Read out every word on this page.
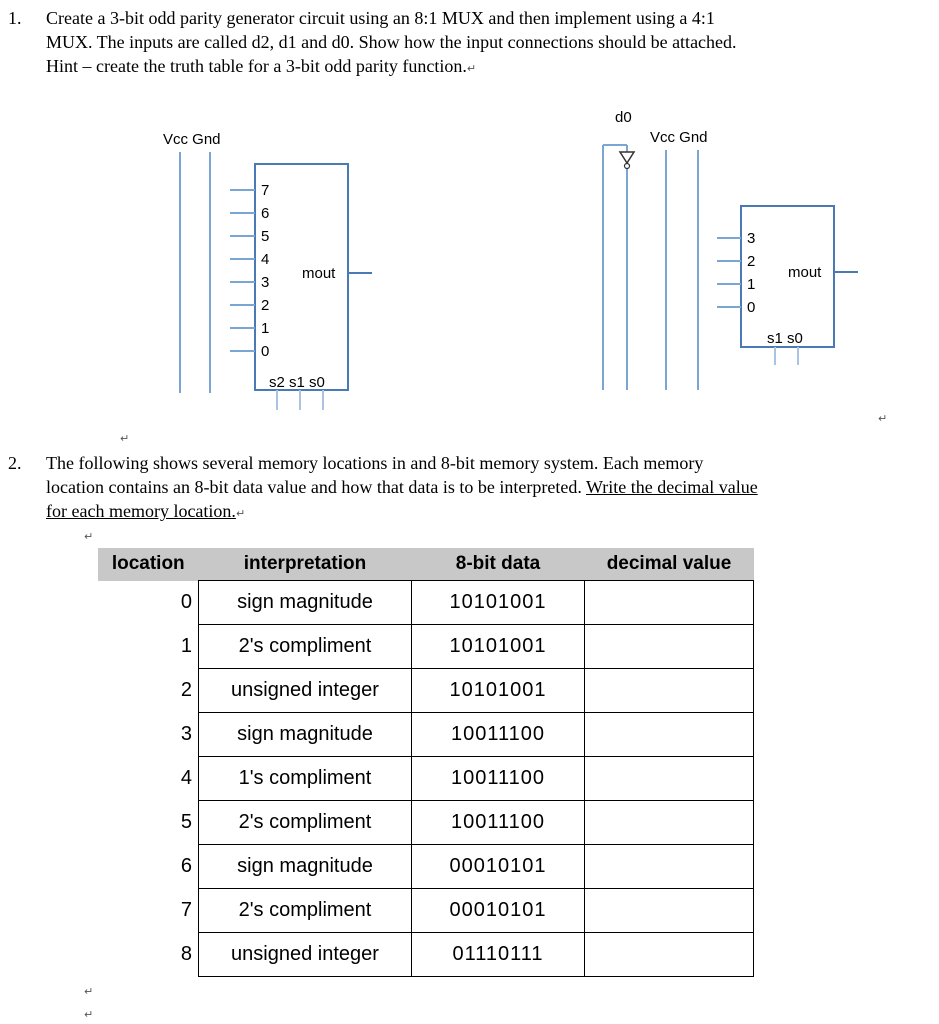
1. Create a 3-bit odd parity generator circuit using an 8:1 MUX and then implement using a 4:1
MUX. The inputs are called d2, d1 and d0. Show how the input connections should be attached.
Hint – create the truth table for a 3-bit odd parity function.↵
Vcc Gnd
7
6
5
4
3
2
1
0
mout
s2 s1 s0
d0
Vcc Gnd
3
2
1
0
mout
s1 s0
↵
↵
2. The following shows several memory locations in and 8-bit memory system. Each memory
location contains an 8-bit data value and how that data is to be interpreted. Write the decimal value
for each memory location.↵
↵
location	interpretation	8-bit data	decimal value
0	sign magnitude	10101001	
1	2's compliment	10101001	
2	unsigned integer	10101001	
3	sign magnitude	10011100	
4	1's compliment	10011100	
5	2's compliment	10011100	
6	sign magnitude	00010101	
7	2's compliment	00010101	
8	unsigned integer	01110111	
↵
↵
